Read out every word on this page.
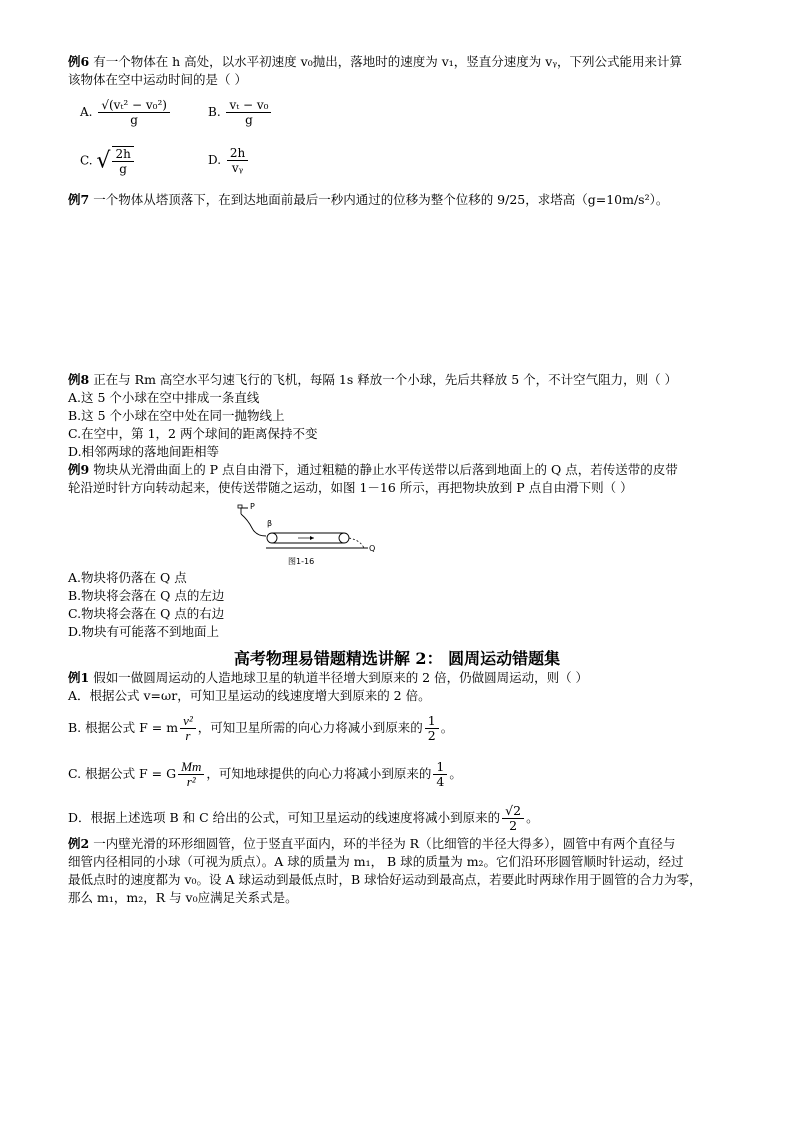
例6 有一个物体在 h 高处，以水平初速度 v₀抛出，落地时的速度为 v₁，竖直分速度为 vᵧ，下列公式能用来计算
该物体在空中运动时间的是（ ）
A. $\frac{\text{√(vₜ² − v₀²)}}{g}$	B. $\frac{\text{vₜ − v₀}}{g}$
C. √ $\frac{2h}{g}$	D. $\frac{2h}{\text{vᵧ}}$
例7 一个物体从塔顶落下，在到达地面前最后一秒内通过的位移为整个位移的 9/25，求塔高（g=10m/s²）。
例8 正在与 Rm 高空水平匀速飞行的飞机，每隔 1s 释放一个小球，先后共释放 5 个，不计空气阻力，则（ ）
A.这 5 个小球在空中排成一条直线
B.这 5 个小球在空中处在同一抛物线上
C.在空中，第 1，2 两个球间的距离保持不变
D.相邻两球的落地间距相等
例9 物块从光滑曲面上的 P 点自由滑下，通过粗糙的静止水平传送带以后落到地面上的 Q 点，若传送带的皮带
轮沿逆时针方向转动起来，使传送带随之运动，如图 1－16 所示，再把物块放到 P 点自由滑下则（ ）
P
β
Q
图1-16
A.物块将仍落在 Q 点
B.物块将会落在 Q 点的左边
C.物块将会落在 Q 点的右边
D.物块有可能落不到地面上
高考物理易错题精选讲解 2： 圆周运动错题集
例1 假如一做圆周运动的人造地球卫星的轨道半径增大到原来的 2 倍，仍做圆周运动，则（ ）
A．根据公式 v=ωr，可知卫星运动的线速度增大到原来的 2 倍。
B. 根据公式 F = m $\frac{\text{v²}}{r}$ ，可知卫星所需的向心力将减小到原来的 $\frac{1}{2}$ 。
C. 根据公式 F = G $\frac{Mm}{\text{r²}}$ ，可知地球提供的向心力将减小到原来的 $\frac{1}{4}$ 。
D．根据上述选项 B 和 C 给出的公式，可知卫星运动的线速度将减小到原来的 $\frac{√2}{2}$ 。
例2 一内壁光滑的环形细圆管，位于竖直平面内，环的半径为 R（比细管的半径大得多），圆管中有两个直径与
细管内径相同的小球（可视为质点）。A 球的质量为 m₁， B 球的质量为 m₂。它们沿环形圆管顺时针运动，经过
最低点时的速度都为 v₀。设 A 球运动到最低点时，B 球恰好运动到最高点，若要此时两球作用于圆管的合力为零，
那么 m₁，m₂，R 与 v₀应满足关系式是。
